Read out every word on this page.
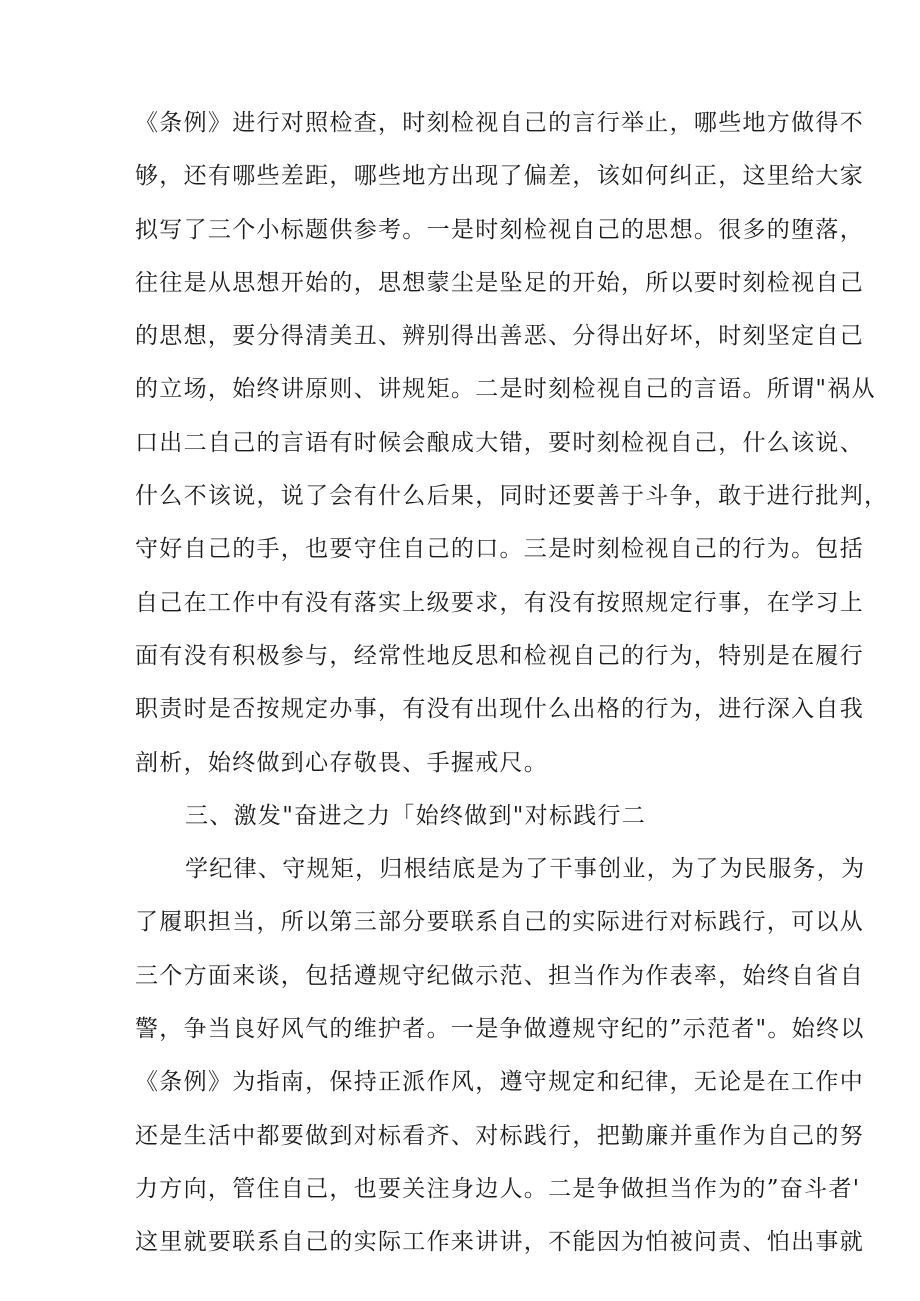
《条例》进行对照检查，时刻检视自己的言行举止，哪些地方做得不
够，还有哪些差距，哪些地方出现了偏差，该如何纠正，这里给大家
拟写了三个小标题供参考。一是时刻检视自己的思想。很多的堕落，
往往是从思想开始的，思想蒙尘是坠足的开始，所以要时刻检视自己
的思想，要分得清美丑、辨别得出善恶、分得出好坏，时刻坚定自己
的立场，始终讲原则、讲规矩。二是时刻检视自己的言语。所谓"祸从
口出二自己的言语有时候会酿成大错，要时刻检视自己，什么该说、
什么不该说，说了会有什么后果，同时还要善于斗争，敢于进行批判，
守好自己的手，也要守住自己的口。三是时刻检视自己的行为。包括
自己在工作中有没有落实上级要求，有没有按照规定行事，在学习上
面有没有积极参与，经常性地反思和检视自己的行为，特别是在履行
职责时是否按规定办事，有没有出现什么出格的行为，进行深入自我
剖析，始终做到心存敬畏、手握戒尺。
三、激发"奋进之力「始终做到"对标践行二
学纪律、守规矩，归根结底是为了干事创业，为了为民服务，为
了履职担当，所以第三部分要联系自己的实际进行对标践行，可以从
三个方面来谈，包括遵规守纪做示范、担当作为作表率，始终自省自
警，争当良好风气的维护者。一是争做遵规守纪的”示范者"。始终以
《条例》为指南，保持正派作风，遵守规定和纪律，无论是在工作中
还是生活中都要做到对标看齐、对标践行，把勤廉并重作为自己的努
力方向，管住自己，也要关注身边人。二是争做担当作为的”奋斗者'
这里就要联系自己的实际工作来讲讲，不能因为怕被问责、怕出事就
